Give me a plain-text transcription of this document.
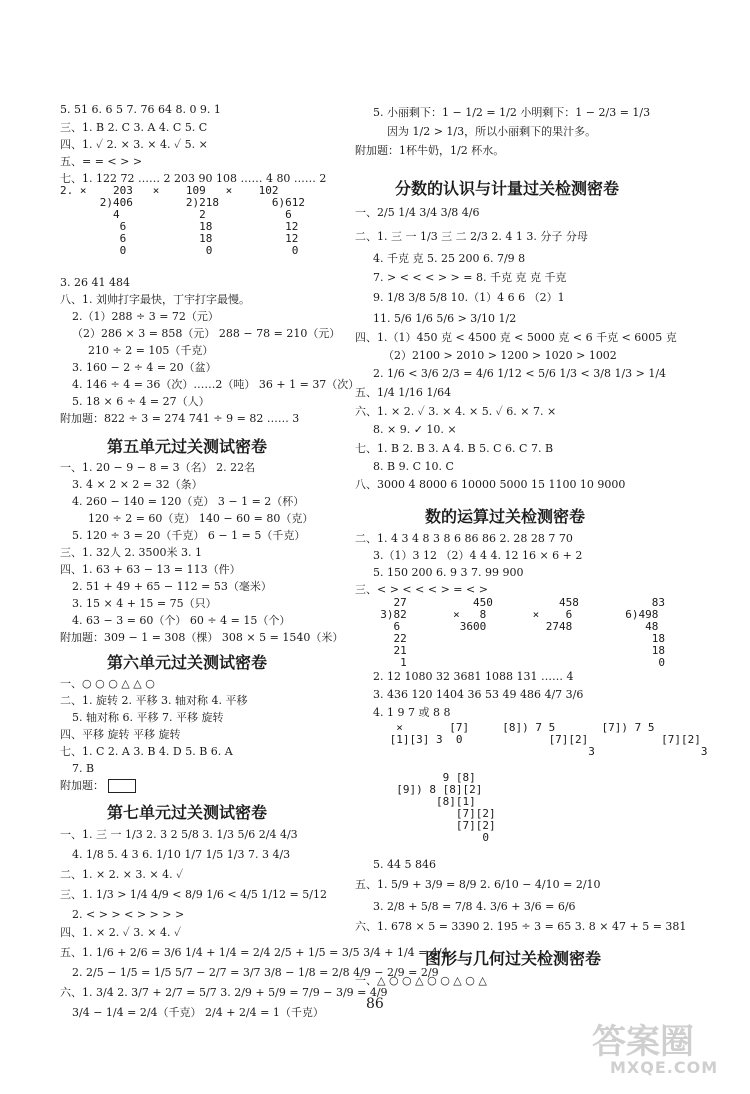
5. 51 6. 6 5 7. 76 64 8. 0 9. 1
三、1. B 2. C 3. A 4. C 5. C
四、1. ✓ 2. × 3. × 4. ✓ 5. ×
五、= = < > >
七、1. 122 72 …… 2 203 90 108 …… 4 80 …… 2
2. ×    203   ×    109   ×    102
2)406        2)218        6)612
4            2            6
6           18           12
6           18           12
0            0            0
3. 26 41 484
八、1. 刘帅打字最快，丁宇打字最慢。
2.（1）288 ÷ 3 = 72（元）
（2）286 × 3 = 858（元） 288 − 78 = 210（元）
210 ÷ 2 = 105（千克）
3. 160 − 2 ÷ 4 = 20（盆）
4. 146 ÷ 4 = 36（次）……2（吨） 36 + 1 = 37（次）
5. 18 × 6 ÷ 4 = 27（人）
附加题：822 ÷ 3 = 274 741 ÷ 9 = 82 …… 3
第五单元过关测试密卷
一、1. 20 − 9 − 8 = 3（名） 2. 22名
3. 4 × 2 × 2 = 32（条）
4. 260 − 140 = 120（克） 3 − 1 = 2（杯）
120 ÷ 2 = 60（克） 140 − 60 = 80（克）
5. 120 ÷ 3 = 20（千克） 6 − 1 = 5（千克）
三、1. 32人 2. 3500米 3. 1
四、1. 63 + 63 − 13 = 113（件）
2. 51 + 49 + 65 − 112 = 53（毫米）
3. 15 × 4 + 15 = 75（只）
4. 63 − 3 = 60（个） 60 ÷ 4 = 15（个）
附加题：309 − 1 = 308（棵） 308 × 5 = 1540（米）
第六单元过关测试密卷
一、○ ○ ○ △ △ ○
二、1. 旋转 2. 平移 3. 轴对称 4. 平移
5. 轴对称 6. 平移 7. 平移 旋转
四、平移 旋转 平移 旋转
七、1. C 2. A 3. B 4. D 5. B 6. A
7. B
附加题：
第七单元过关测试密卷
一、1. 三 一 1/3 2. 3 2 5/8 3. 1/3 5/6 2/4 4/3
4. 1/8 5. 4 3 6. 1/10 1/7 1/5 1/3 7. 3 4/3
二、1. × 2. × 3. × 4. ✓
三、1. 1/3 > 1/4 4/9 < 8/9 1/6 < 4/5 1/12 = 5/12
2. < > > < > > > >
四、1. × 2. ✓ 3. × 4. ✓
五、1. 1/6 + 2/6 = 3/6 1/4 + 1/4 = 2/4 2/5 + 1/5 = 3/5 3/4 + 1/4 = 4/4
2. 2/5 − 1/5 = 1/5 5/7 − 2/7 = 3/7 3/8 − 1/8 = 2/8 4/9 − 2/9 = 2/9
六、1. 3/4 2. 3/7 + 2/7 = 5/7 3. 2/9 + 5/9 = 7/9 − 3/9 = 4/9
3/4 − 1/4 = 2/4（千克） 2/4 + 2/4 = 1（千克）
5. 小丽剩下：1 − 1/2 = 1/2 小明剩下：1 − 2/3 = 1/3
因为 1/2 > 1/3，所以小丽剩下的果汁多。
附加题：1杯牛奶，1/2 杯水。
分数的认识与计量过关检测密卷
一、2/5 1/4 3/4 3/8 4/6
二、1. 三 一 1/3 三 二 2/3 2. 4 1 3. 分子 分母
4. 千克 克 5. 25 200 6. 7/9 8
7. > < < < > > = 8. 千克 克 克 千克
9. 1/8 3/8 5/8 10.（1）4 6 6 （2）1
11. 5/6 1/6 5/6 > 3/10 1/2
四、1.（1）450 克 < 4500 克 < 5000 克 < 6 千克 < 6005 克
（2）2100 > 2010 > 1200 > 1020 > 1002
2. 1/6 < 3/6 2/3 = 4/6 1/12 < 5/6 1/3 < 3/8 1/3 > 1/4
五、1/4 1/16 1/64
六、1. × 2. ✓ 3. × 4. × 5. ✓ 6. × 7. ×
8. × 9. ✓ 10. ×
七、1. B 2. B 3. A 4. B 5. C 6. C 7. B
8. B 9. C 10. C
八、3000 4 8000 6 10000 5000 15 1100 10 9000
数的运算过关检测密卷
二、1. 4 3 4 8 3 8 6 86 86 2. 28 28 7 70
3.（1）3 12 （2）4 4 4. 12 16 × 6 + 2
5. 150 200 6. 9 3 7. 99 900
三、< > < < < > = < >
27          450          458           83
3)82       ×   8       ×    6        6)498
6         3600         2748           48
22                                     18
21                                     18
1                                      0
2. 12 1080 32 3681 1088 131 …… 4
3. 436 120 1404 36 53 49 486 4/7 3/6
4. 1 9 7 或 8 8
×       [7]     [8]) 7 5       [7]) 7 5
[1][3] 3  0             [7][2]           [7][2]
3                3
9 [8]
[9]) 8 [8][2]
[8][1]
[7][2]
[7][2]
0
5. 44 5 846
五、1. 5/9 + 3/9 = 8/9 2. 6/10 − 4/10 = 2/10
3. 2/8 + 5/8 = 7/8 4. 3/6 + 3/6 = 6/6
六、1. 678 × 5 = 3390 2. 195 ÷ 3 = 65 3. 8 × 47 + 5 = 381
图形与几何过关检测密卷
一、△ ○ ○ △ ○ ○ △ ○ △
86
答案圈
MXQE.COM
